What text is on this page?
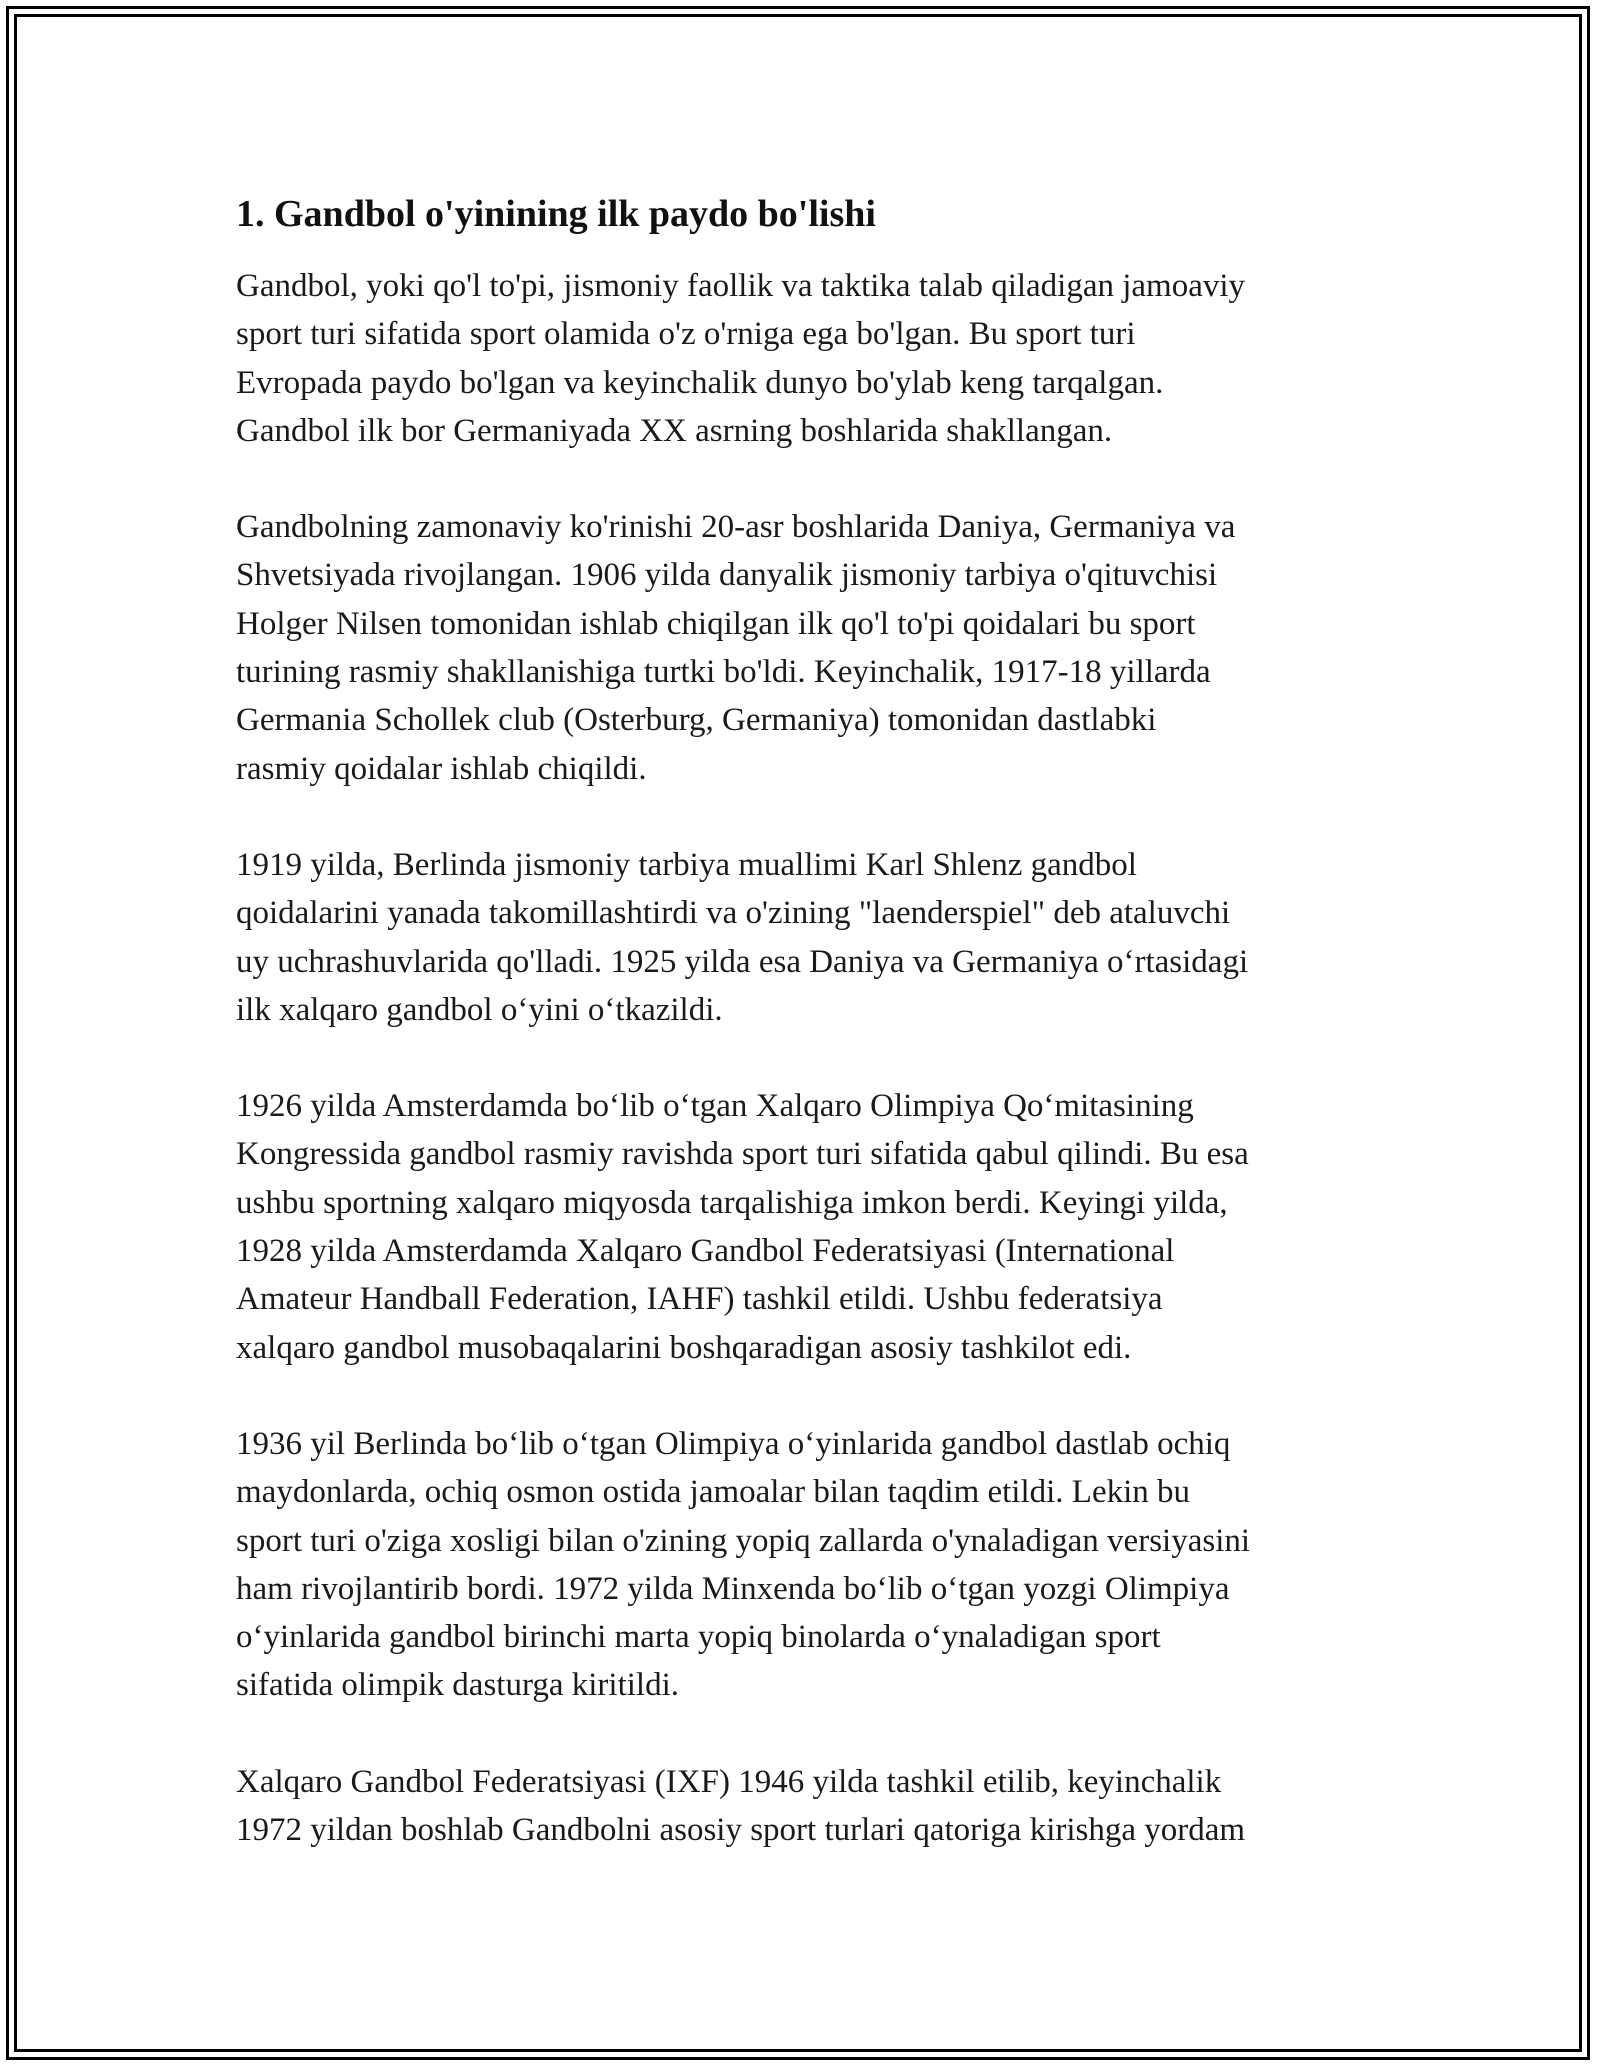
1. Gandbol o'yinining ilk paydo bo'lishi

Gandbol, yoki qo'l to'pi, jismoniy faollik va taktika talab qiladigan jamoaviy
sport turi sifatida sport olamida o'z o'rniga ega bo'lgan. Bu sport turi
Evropada paydo bo'lgan va keyinchalik dunyo bo'ylab keng tarqalgan.
Gandbol ilk bor Germaniyada XX asrning boshlarida shakllangan.

Gandbolning zamonaviy ko'rinishi 20-asr boshlarida Daniya, Germaniya va
Shvetsiyada rivojlangan. 1906 yilda danyalik jismoniy tarbiya o'qituvchisi
Holger Nilsen tomonidan ishlab chiqilgan ilk qo'l to'pi qoidalari bu sport
turining rasmiy shakllanishiga turtki bo'ldi. Keyinchalik, 1917-18 yillarda
Germania Schollek club (Osterburg, Germaniya) tomonidan dastlabki
rasmiy qoidalar ishlab chiqildi.

1919 yilda, Berlinda jismoniy tarbiya muallimi Karl Shlenz gandbol
qoidalarini yanada takomillashtirdi va o'zining "laenderspiel" deb ataluvchi
uy uchrashuvlarida qo'lladi. 1925 yilda esa Daniya va Germaniya o‘rtasidagi
ilk xalqaro gandbol o‘yini o‘tkazildi.

1926 yilda Amsterdamda bo‘lib o‘tgan Xalqaro Olimpiya Qo‘mitasining
Kongressida gandbol rasmiy ravishda sport turi sifatida qabul qilindi. Bu esa
ushbu sportning xalqaro miqyosda tarqalishiga imkon berdi. Keyingi yilda,
1928 yilda Amsterdamda Xalqaro Gandbol Federatsiyasi (International
Amateur Handball Federation, IAHF) tashkil etildi. Ushbu federatsiya
xalqaro gandbol musobaqalarini boshqaradigan asosiy tashkilot edi.

1936 yil Berlinda bo‘lib o‘tgan Olimpiya o‘yinlarida gandbol dastlab ochiq
maydonlarda, ochiq osmon ostida jamoalar bilan taqdim etildi. Lekin bu
sport turi o'ziga xosligi bilan o'zining yopiq zallarda o'ynaladigan versiyasini
ham rivojlantirib bordi. 1972 yilda Minxenda bo‘lib o‘tgan yozgi Olimpiya
o‘yinlarida gandbol birinchi marta yopiq binolarda o‘ynaladigan sport
sifatida olimpik dasturga kiritildi.

Xalqaro Gandbol Federatsiyasi (IXF) 1946 yilda tashkil etilib, keyinchalik
1972 yildan boshlab Gandbolni asosiy sport turlari qatoriga kirishga yordam
